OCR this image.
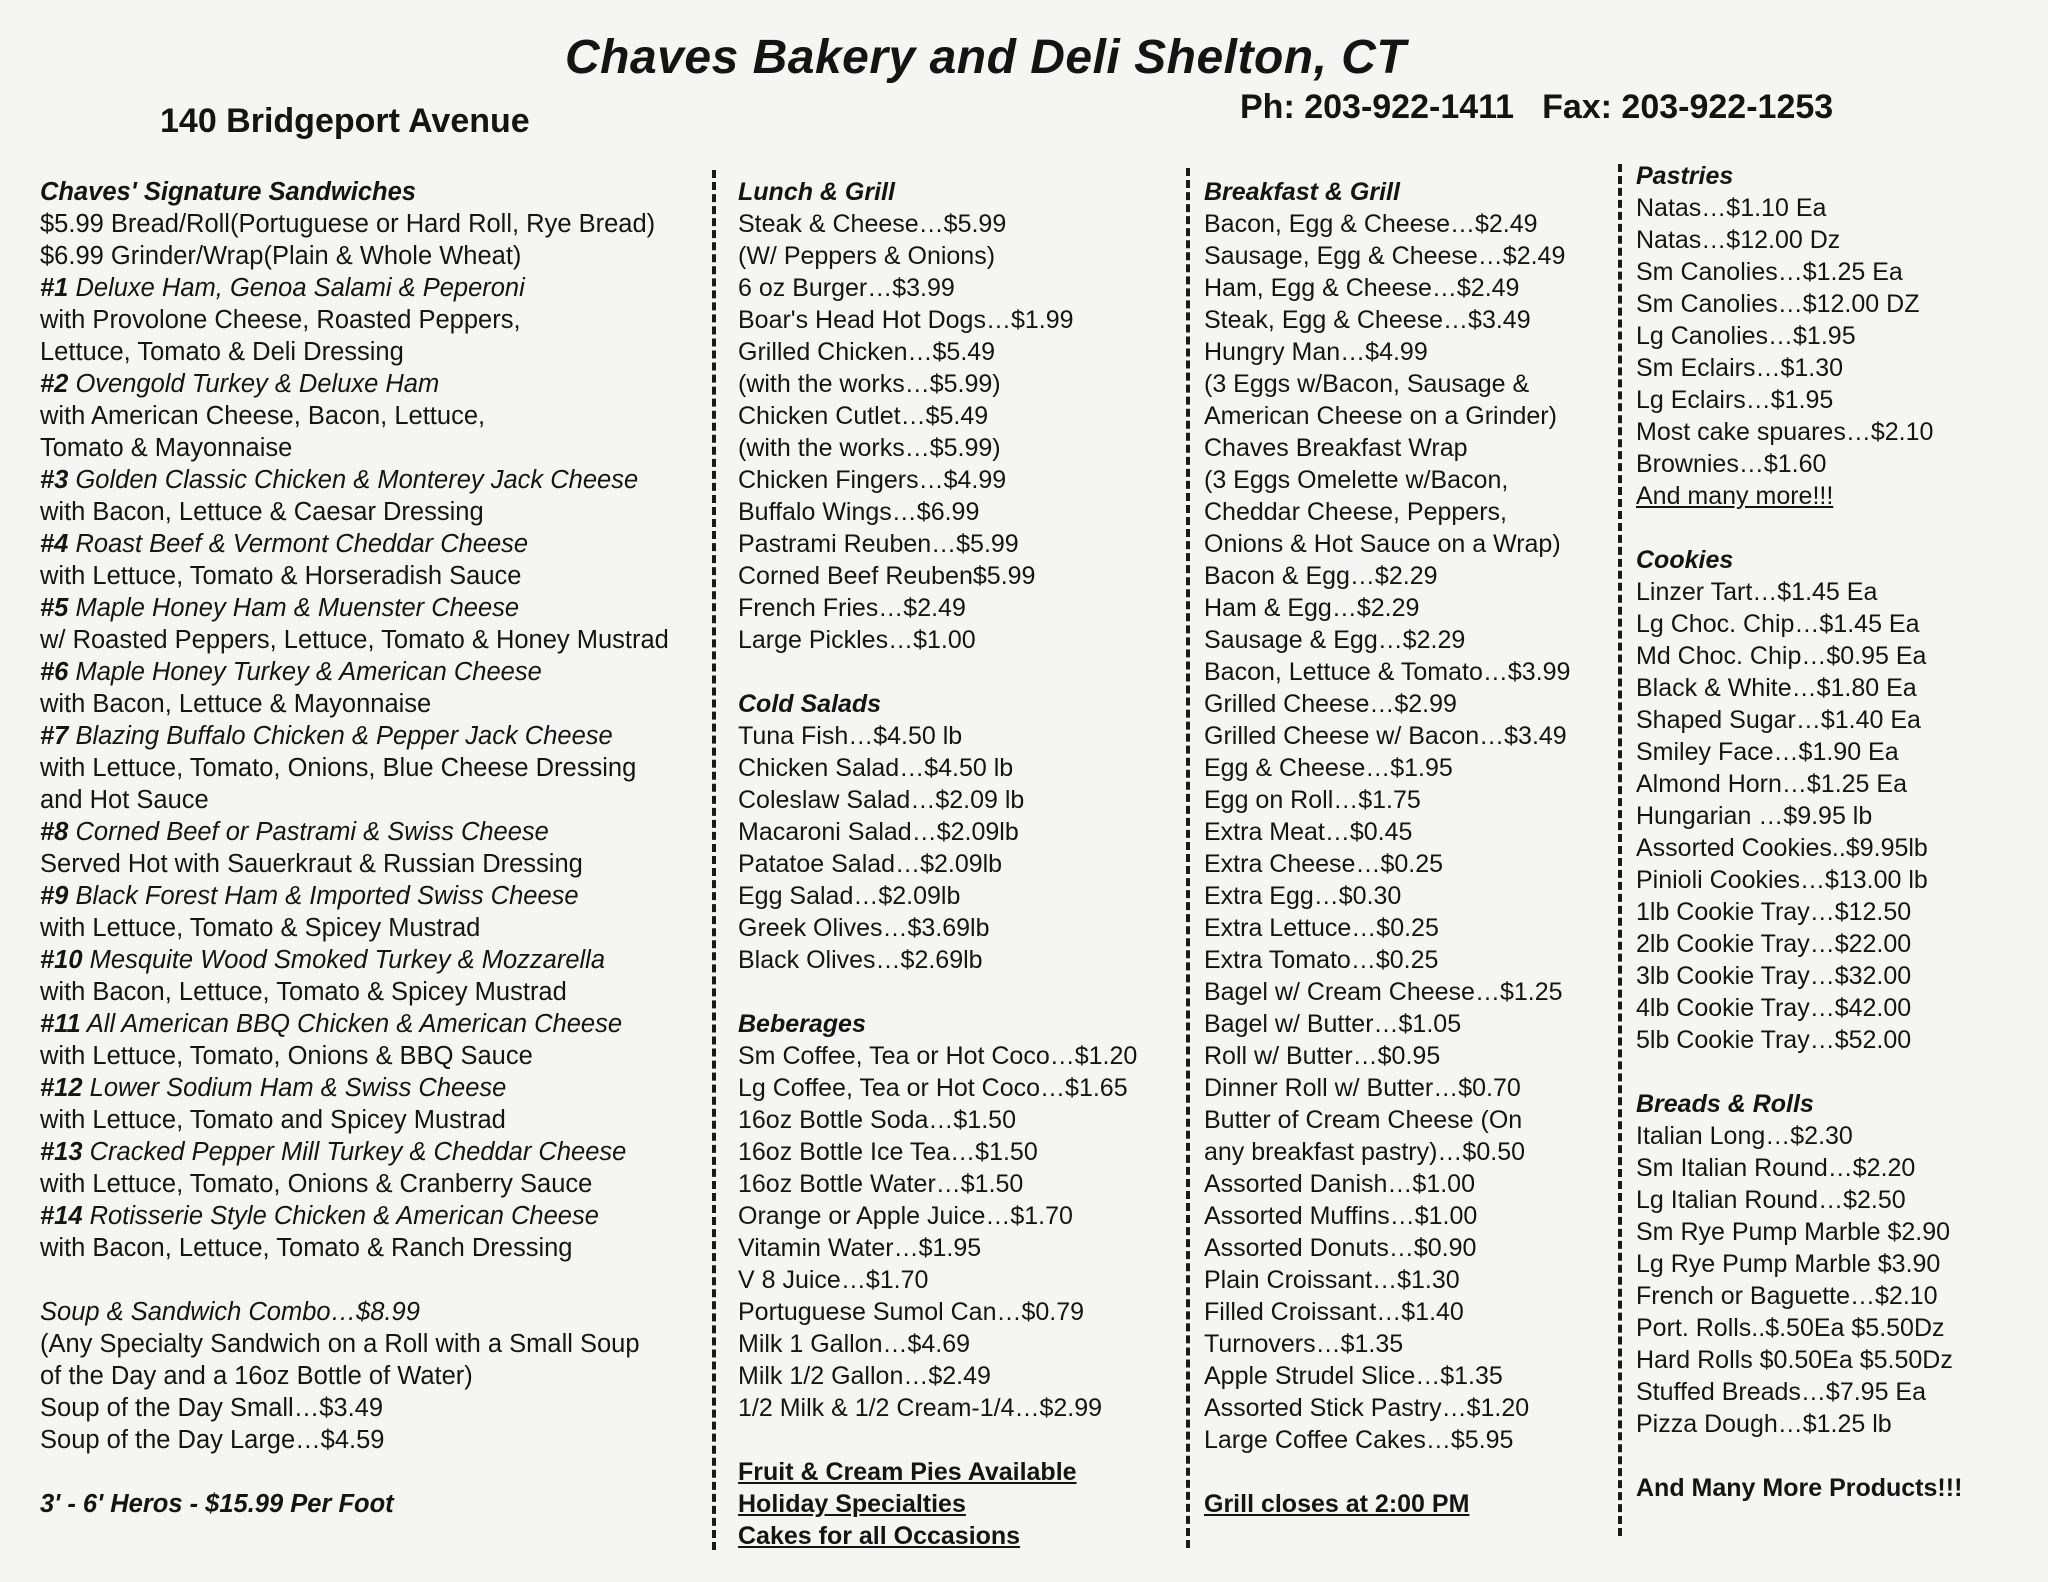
Chaves Bakery and Deli Shelton, CT
140 Bridgeport Avenue	Ph: 203-922-1411 Fax: 203-922-1253
Chaves' Signature Sandwiches
$5.99 Bread/Roll(Portuguese or Hard Roll, Rye Bread)
$6.99 Grinder/Wrap(Plain & Whole Wheat)
#1 Deluxe Ham, Genoa Salami & Peperoni
with Provolone Cheese, Roasted Peppers,
Lettuce, Tomato & Deli Dressing
#2 Ovengold Turkey & Deluxe Ham
with American Cheese, Bacon, Lettuce,
Tomato & Mayonnaise
#3 Golden Classic Chicken & Monterey Jack Cheese
with Bacon, Lettuce & Caesar Dressing
#4 Roast Beef & Vermont Cheddar Cheese
with Lettuce, Tomato & Horseradish Sauce
#5 Maple Honey Ham & Muenster Cheese
w/ Roasted Peppers, Lettuce, Tomato & Honey Mustrad
#6 Maple Honey Turkey & American Cheese
with Bacon, Lettuce & Mayonnaise
#7 Blazing Buffalo Chicken & Pepper Jack Cheese
with Lettuce, Tomato, Onions, Blue Cheese Dressing
and Hot Sauce
#8 Corned Beef or Pastrami & Swiss Cheese
Served Hot with Sauerkraut & Russian Dressing
#9 Black Forest Ham & Imported Swiss Cheese
with Lettuce, Tomato & Spicey Mustrad
#10 Mesquite Wood Smoked Turkey & Mozzarella
with Bacon, Lettuce, Tomato & Spicey Mustrad
#11 All American BBQ Chicken & American Cheese
with Lettuce, Tomato, Onions & BBQ Sauce
#12 Lower Sodium Ham & Swiss Cheese
with Lettuce, Tomato and Spicey Mustrad
#13 Cracked Pepper Mill Turkey & Cheddar Cheese
with Lettuce, Tomato, Onions & Cranberry Sauce
#14 Rotisserie Style Chicken & American Cheese
with Bacon, Lettuce, Tomato & Ranch Dressing
Soup & Sandwich Combo…$8.99
(Any Specialty Sandwich on a Roll with a Small Soup
of the Day and a 16oz Bottle of Water)
Soup of the Day Small…$3.49
Soup of the Day Large…$4.59
3' - 6' Heros - $15.99 Per Foot
Lunch & Grill
Steak & Cheese…$5.99
(W/ Peppers & Onions)
6 oz Burger…$3.99
Boar's Head Hot Dogs…$1.99
Grilled Chicken…$5.49
(with the works…$5.99)
Chicken Cutlet…$5.49
(with the works…$5.99)
Chicken Fingers…$4.99
Buffalo Wings…$6.99
Pastrami Reuben…$5.99
Corned Beef Reuben$5.99
French Fries…$2.49
Large Pickles…$1.00
Cold Salads
Tuna Fish…$4.50 lb
Chicken Salad…$4.50 lb
Coleslaw Salad…$2.09 lb
Macaroni Salad…$2.09lb
Patatoe Salad…$2.09lb
Egg Salad…$2.09lb
Greek Olives…$3.69lb
Black Olives…$2.69lb
Beberages
Sm Coffee, Tea or Hot Coco…$1.20
Lg Coffee, Tea or Hot Coco…$1.65
16oz Bottle Soda…$1.50
16oz Bottle Ice Tea…$1.50
16oz Bottle Water…$1.50
Orange or Apple Juice…$1.70
Vitamin Water…$1.95
V 8 Juice…$1.70
Portuguese Sumol Can…$0.79
Milk 1 Gallon…$4.69
Milk 1/2 Gallon…$2.49
1/2 Milk & 1/2 Cream-1/4…$2.99
Fruit & Cream Pies Available
Holiday Specialties
Cakes for all Occasions
Breakfast & Grill
Bacon, Egg & Cheese…$2.49
Sausage, Egg & Cheese…$2.49
Ham, Egg & Cheese…$2.49
Steak, Egg & Cheese…$3.49
Hungry Man…$4.99
(3 Eggs w/Bacon, Sausage &
American Cheese on a Grinder)
Chaves Breakfast Wrap
(3 Eggs Omelette w/Bacon,
Cheddar Cheese, Peppers,
Onions & Hot Sauce on a Wrap)
Bacon & Egg…$2.29
Ham & Egg…$2.29
Sausage & Egg…$2.29
Bacon, Lettuce & Tomato…$3.99
Grilled Cheese…$2.99
Grilled Cheese w/ Bacon…$3.49
Egg & Cheese…$1.95
Egg on Roll…$1.75
Extra Meat…$0.45
Extra Cheese…$0.25
Extra Egg…$0.30
Extra Lettuce…$0.25
Extra Tomato…$0.25
Bagel w/ Cream Cheese…$1.25
Bagel w/ Butter…$1.05
Roll w/ Butter…$0.95
Dinner Roll w/ Butter…$0.70
Butter of Cream Cheese (On
any breakfast pastry)…$0.50
Assorted Danish…$1.00
Assorted Muffins…$1.00
Assorted Donuts…$0.90
Plain Croissant…$1.30
Filled Croissant…$1.40
Turnovers…$1.35
Apple Strudel Slice…$1.35
Assorted Stick Pastry…$1.20
Large Coffee Cakes…$5.95
Grill closes at 2:00 PM
Pastries
Natas…$1.10 Ea
Natas…$12.00 Dz
Sm Canolies…$1.25 Ea
Sm Canolies…$12.00 DZ
Lg Canolies…$1.95
Sm Eclairs…$1.30
Lg Eclairs…$1.95
Most cake spuares…$2.10
Brownies…$1.60
And many more!!!
Cookies
Linzer Tart…$1.45 Ea
Lg Choc. Chip…$1.45 Ea
Md Choc. Chip…$0.95 Ea
Black & White…$1.80 Ea
Shaped Sugar…$1.40 Ea
Smiley Face…$1.90 Ea
Almond Horn…$1.25 Ea
Hungarian …$9.95 lb
Assorted Cookies..$9.95lb
Pinioli Cookies…$13.00 lb
1lb Cookie Tray…$12.50
2lb Cookie Tray…$22.00
3lb Cookie Tray…$32.00
4lb Cookie Tray…$42.00
5lb Cookie Tray…$52.00
Breads & Rolls
Italian Long…$2.30
Sm Italian Round…$2.20
Lg Italian Round…$2.50
Sm Rye Pump Marble $2.90
Lg Rye Pump Marble $3.90
French or Baguette…$2.10
Port. Rolls..$.50Ea $5.50Dz
Hard Rolls $0.50Ea $5.50Dz
Stuffed Breads…$7.95 Ea
Pizza Dough…$1.25 lb
And Many More Products!!!
